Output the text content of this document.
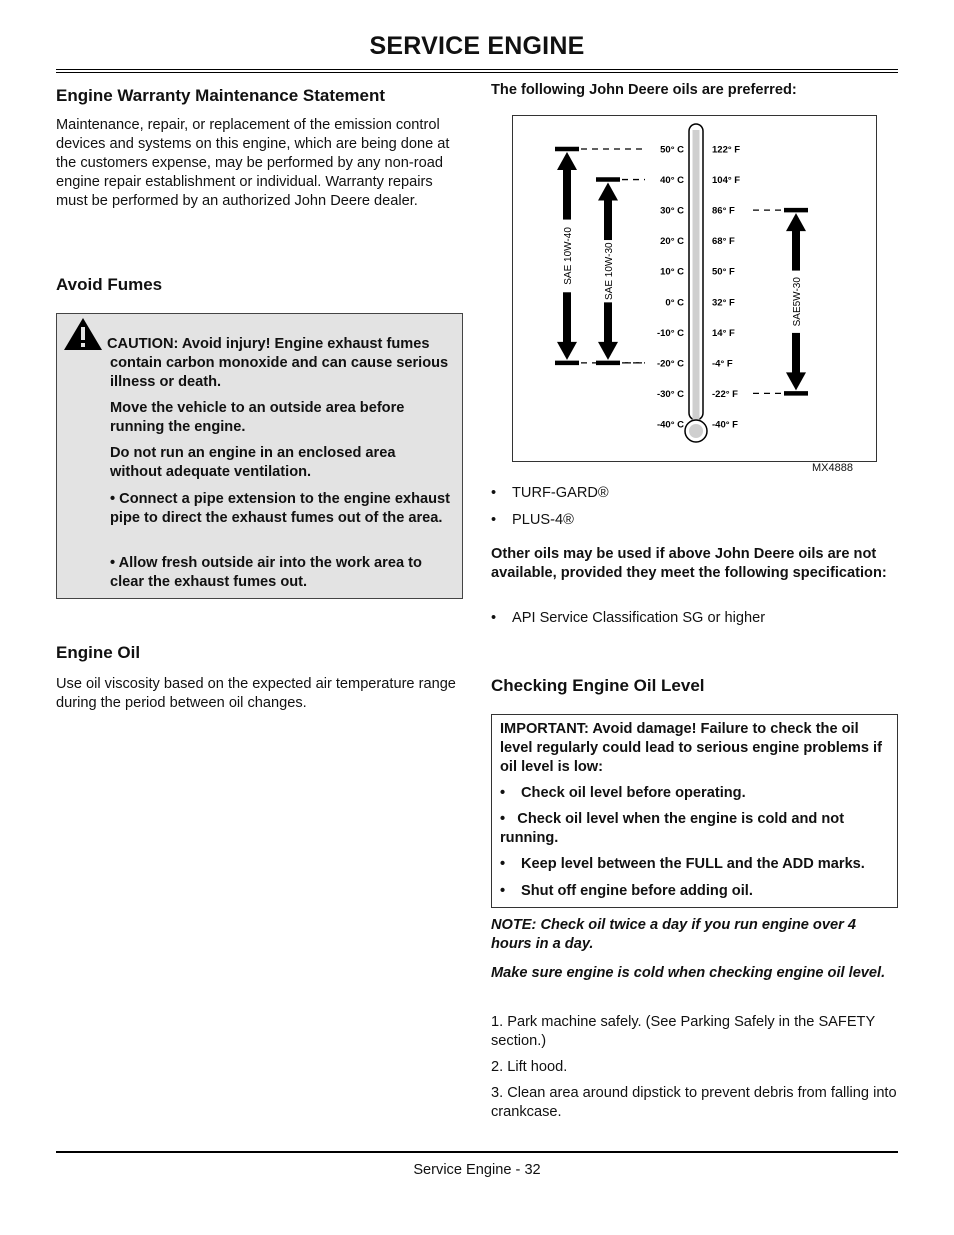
SERVICE ENGINE
Engine Warranty Maintenance Statement
Maintenance, repair, or replacement of the emission control devices and systems on this engine, which are being done at the customers expense, may be performed by any non-road engine repair establishment or individual. Warranty repairs must be performed by an authorized John Deere dealer.
Avoid Fumes
CAUTION: Avoid injury! Engine exhaust fumes
contain carbon monoxide and can cause serious illness or death.
Move the vehicle to an outside area before running the engine.
Do not run an engine in an enclosed area without adequate ventilation.
• Connect a pipe extension to the engine exhaust pipe to direct the exhaust fumes out of the area.
• Allow fresh outside air into the work area to clear the exhaust fumes out.
Engine Oil
Use oil viscosity based on the expected air temperature range during the period between oil changes.
The following John Deere oils are preferred:
50° C	122° F
40° C	104° F
30° C	86° F
20° C	68° F
10° C	50° F
0° C	32° F
-10° C	14° F
-20° C	-4° F
-30° C	-22° F
-40° C	-40° F
SAE 10W-40	SAE 10W-30
SAE5W-30
MX4888
•	TURF-GARD®
•	PLUS-4®
Other oils may be used if above John Deere oils are not available, provided they meet the following specification:
•	API Service Classification SG or higher
Checking Engine Oil Level
IMPORTANT: Avoid damage! Failure to check the oil level regularly could lead to serious engine problems if oil level is low:
•	Check oil level before operating.
•   Check oil level when the engine is cold and not running.
•	Keep level between the FULL and the ADD marks.
•	Shut off engine before adding oil.
NOTE: Check oil twice a day if you run engine over 4 hours in a day.
Make sure engine is cold when checking engine oil level.
1. Park machine safely. (See Parking Safely in the SAFETY section.)
2. Lift hood.
3. Clean area around dipstick to prevent debris from falling into crankcase.
Service Engine - 32
